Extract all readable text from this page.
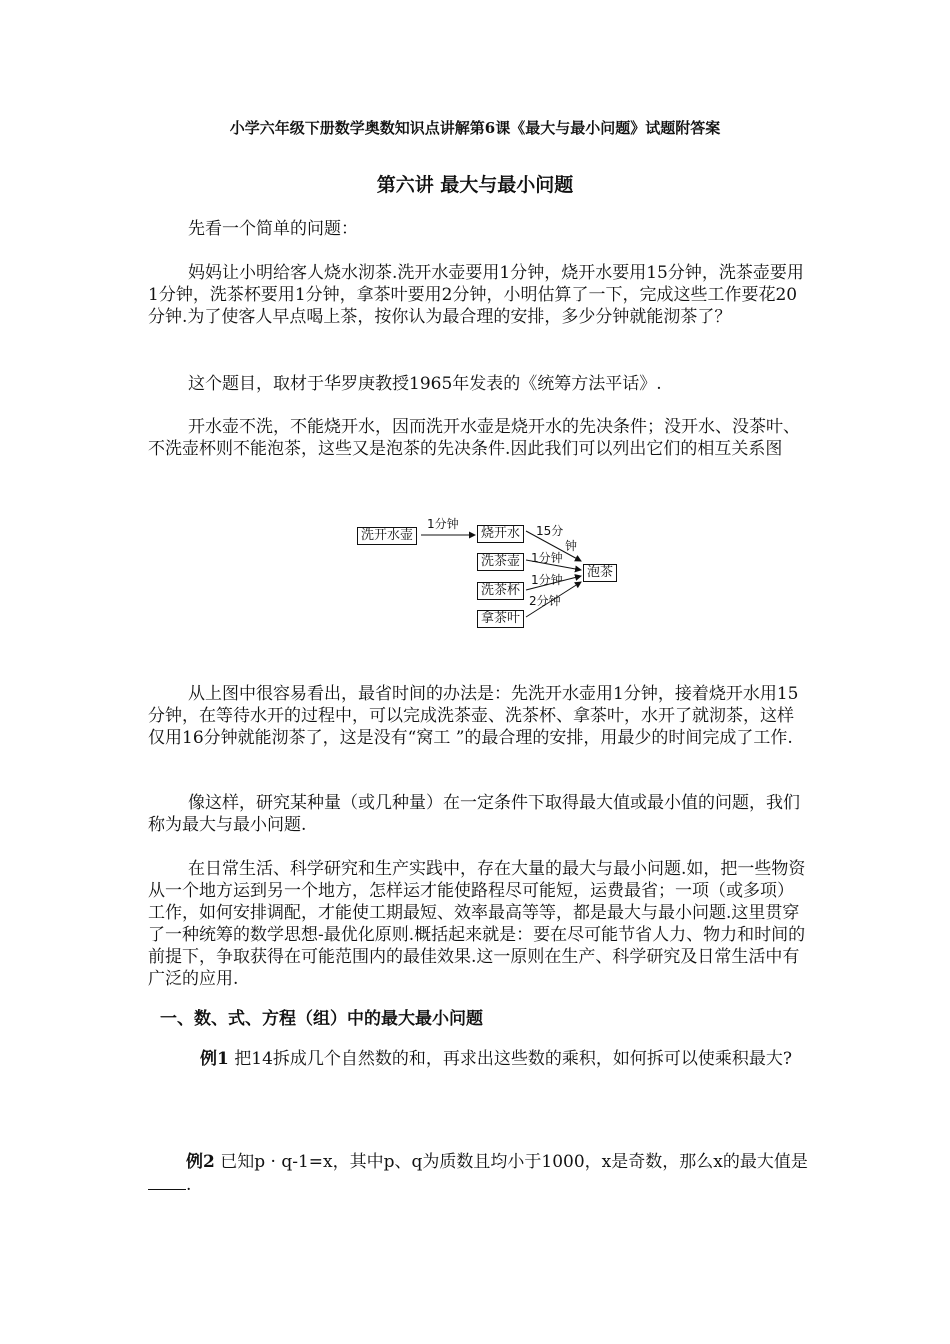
小学六年级下册数学奥数知识点讲解第6课《最大与最小问题》试题附答案
第六讲 最大与最小问题

先看一个简单的问题：

妈妈让小明给客人烧水沏茶.洗开水壶要用1分钟，烧开水要用15分钟，洗茶壶要用1分钟，洗茶杯要用1分钟，拿茶叶要用2分钟，小明估算了一下，完成这些工作要花20分钟.为了使客人早点喝上茶，按你认为最合理的安排，多少分钟就能沏茶了？

这个题目，取材于华罗庚教授1965年发表的《统筹方法平话》.

开水壶不洗，不能烧开水，因而洗开水壶是烧开水的先决条件；没开水、没茶叶、不洗壶杯则不能泡茶，这些又是泡茶的先决条件.因此我们可以列出它们的相互关系图

洗开水壶	烧开水
洗茶壶
洗茶杯
拿茶叶
泡茶
1分钟	15分
钟
1分钟
1分钟
2分钟

从上图中很容易看出，最省时间的办法是：先洗开水壶用1分钟，接着烧开水用15分钟，在等待水开的过程中，可以完成洗茶壶、洗茶杯、拿茶叶，水开了就沏茶，这样仅用16分钟就能沏茶了，这是没有“窝工 ”的最合理的安排，用最少的时间完成了工作.

像这样，研究某种量（或几种量）在一定条件下取得最大值或最小值的问题，我们称为最大与最小问题.

在日常生活、科学研究和生产实践中，存在大量的最大与最小问题.如，把一些物资从一个地方运到另一个地方，怎样运才能使路程尽可能短，运费最省；一项（或多项）工作，如何安排调配，才能使工期最短、效率最高等等，都是最大与最小问题.这里贯穿了一种统筹的数学思想-最优化原则.概括起来就是：要在尽可能节省人力、物力和时间的前提下，争取获得在可能范围内的最佳效果.这一原则在生产、科学研究及日常生活中有广泛的应用.

一、数、式、方程（组）中的最大最小问题

例1 把14拆成几个自然数的和，再求出这些数的乘积，如何拆可以使乘积最大?

例2 已知p · q-1=x，其中p、q为质数且均小于1000，x是奇数，那么x的最大值是.
